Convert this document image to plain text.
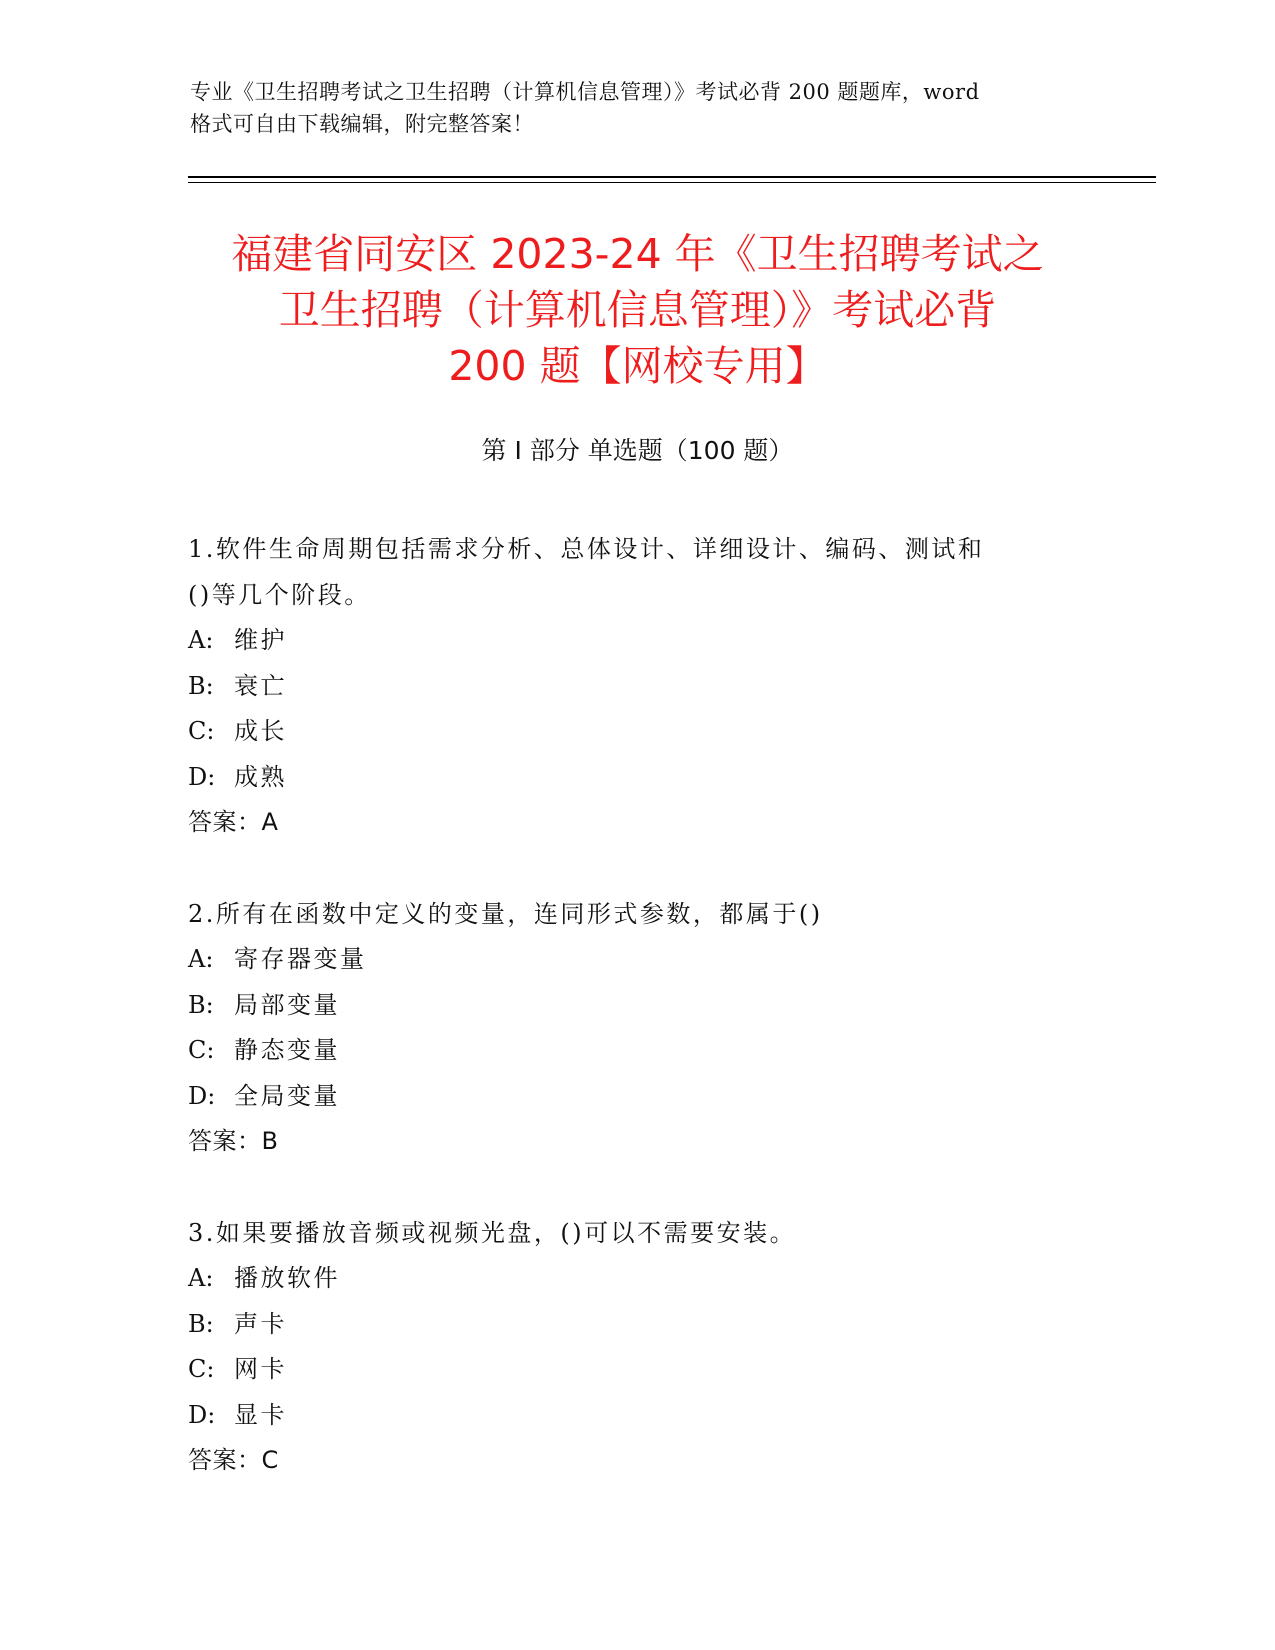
专业《卫生招聘考试之卫生招聘（计算机信息管理）》考试必背 200 题题库，word
格式可自由下载编辑，附完整答案！
福建省同安区 2023-24 年《卫生招聘考试之
卫生招聘（计算机信息管理）》考试必背
200 题【网校专用】
第 I 部分 单选题（100 题）
1.软件生命周期包括需求分析、总体设计、详细设计、编码、测试和
()等几个阶段。
A: 维护
B: 衰亡
C: 成长
D: 成熟
答案：A
2.所有在函数中定义的变量，连同形式参数，都属于()
A: 寄存器变量
B: 局部变量
C: 静态变量
D: 全局变量
答案：B
3.如果要播放音频或视频光盘，()可以不需要安装。
A: 播放软件
B: 声卡
C: 网卡
D: 显卡
答案：C
